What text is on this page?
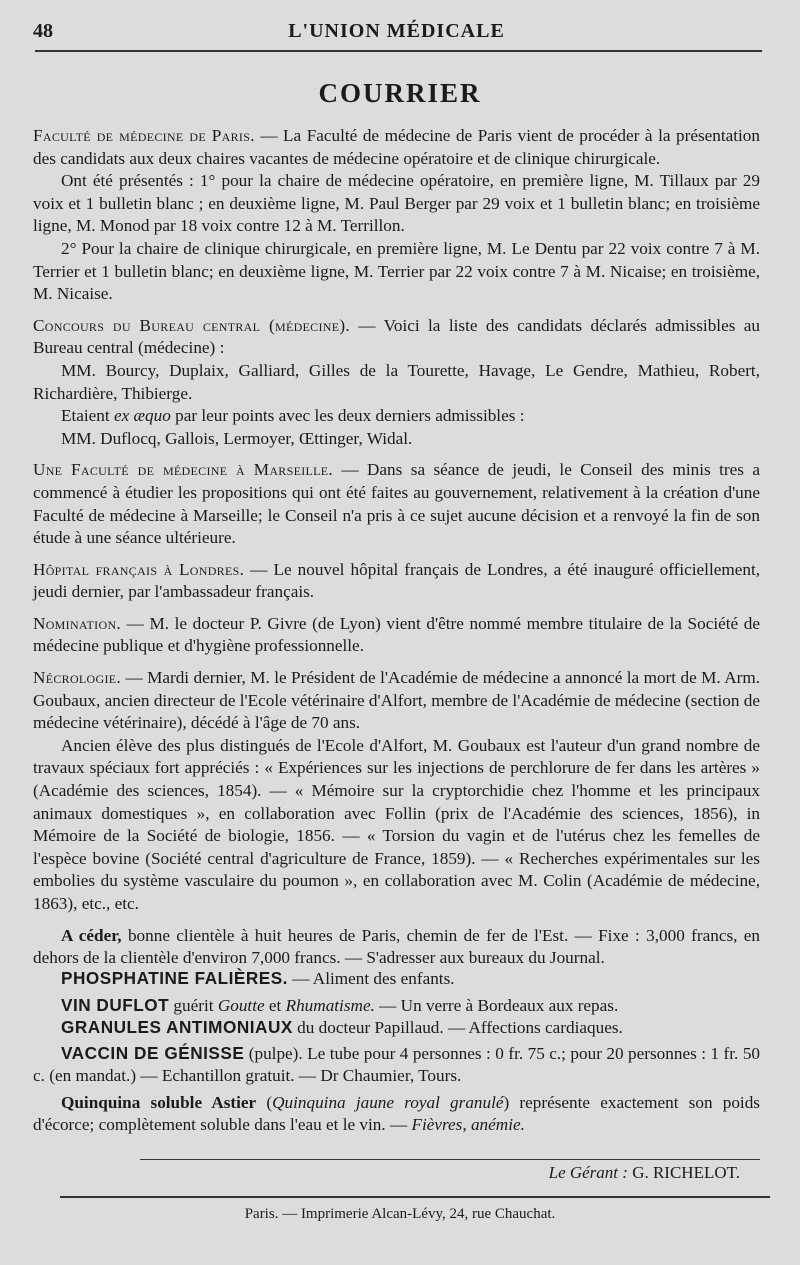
48	L'UNION MÉDICALE
COURRIER

Faculté de médecine de Paris. — La Faculté de médecine de Paris vient de procéder à la présentation des candidats aux deux chaires vacantes de médecine opératoire et de clinique chirurgicale.

Ont été présentés : 1° pour la chaire de médecine opératoire, en première ligne, M. Tillaux par 29 voix et 1 bulletin blanc ; en deuxième ligne, M. Paul Berger par 29 voix et 1 bulletin blanc; en troisième ligne, M. Monod par 18 voix contre 12 à M. Terrillon.

2° Pour la chaire de clinique chirurgicale, en première ligne, M. Le Dentu par 22 voix contre 7 à M. Terrier et 1 bulletin blanc; en deuxième ligne, M. Terrier par 22 voix contre 7 à M. Nicaise; en troisième, M. Nicaise.

Concours du Bureau central (médecine). — Voici la liste des candidats déclarés admissibles au Bureau central (médecine) :

MM. Bourcy, Duplaix, Galliard, Gilles de la Tourette, Havage, Le Gendre, Mathieu, Robert, Richardière, Thibierge.

Etaient ex æquo par leur points avec les deux derniers admissibles :

MM. Duflocq, Gallois, Lermoyer, Œttinger, Widal.

Une Faculté de médecine à Marseille. — Dans sa séance de jeudi, le Conseil des minis tres a commencé à étudier les propositions qui ont été faites au gouvernement, relativement à la création d'une Faculté de médecine à Marseille; le Conseil n'a pris à ce sujet aucune décision et a renvoyé la fin de son étude à une séance ultérieure.

Hôpital français à Londres. — Le nouvel hôpital français de Londres, a été inauguré officiellement, jeudi dernier, par l'ambassadeur français.

Nomination. — M. le docteur P. Givre (de Lyon) vient d'être nommé membre titulaire de la Société de médecine publique et d'hygiène professionnelle.

Nécrologie. — Mardi dernier, M. le Président de l'Académie de médecine a annoncé la mort de M. Arm. Goubaux, ancien directeur de l'Ecole vétérinaire d'Alfort, membre de l'Académie de médecine (section de médecine vétérinaire), décédé à l'âge de 70 ans.

Ancien élève des plus distingués de l'Ecole d'Alfort, M. Goubaux est l'auteur d'un grand nombre de travaux spéciaux fort appréciés : « Expériences sur les injections de perchlorure de fer dans les artères » (Académie des sciences, 1854). — « Mémoire sur la cryptorchidie chez l'homme et les principaux animaux domestiques », en collaboration avec Follin (prix de l'Académie des sciences, 1856), in Mémoire de la Société de biologie, 1856. — « Torsion du vagin et de l'utérus chez les femelles de l'espèce bovine (Société central d'agriculture de France, 1859). — « Recherches expérimentales sur les embolies du système vasculaire du poumon », en collaboration avec M. Colin (Académie de médecine, 1863), etc., etc.

A céder, bonne clientèle à huit heures de Paris, chemin de fer de l'Est. — Fixe : 3,000 francs, en dehors de la clientèle d'environ 7,000 francs. — S'adresser aux bureaux du Journal.

PHOSPHATINE FALIÈRES. — Aliment des enfants.

VIN DUFLOT guérit Goutte et Rhumatisme. — Un verre à Bordeaux aux repas.

GRANULES ANTIMONIAUX du docteur Papillaud. — Affections cardiaques.

VACCIN DE GÉNISSE (pulpe). Le tube pour 4 personnes : 0 fr. 75 c.; pour 20 personnes : 1 fr. 50 c. (en mandat.) — Echantillon gratuit. — Dr Chaumier, Tours.

Quinquina soluble Astier (Quinquina jaune royal granulé) représente exactement son poids d'écorce; complètement soluble dans l'eau et le vin. — Fièvres, anémie.

Le Gérant : G. RICHELOT.
Paris. — Imprimerie Alcan-Lévy, 24, rue Chauchat.
